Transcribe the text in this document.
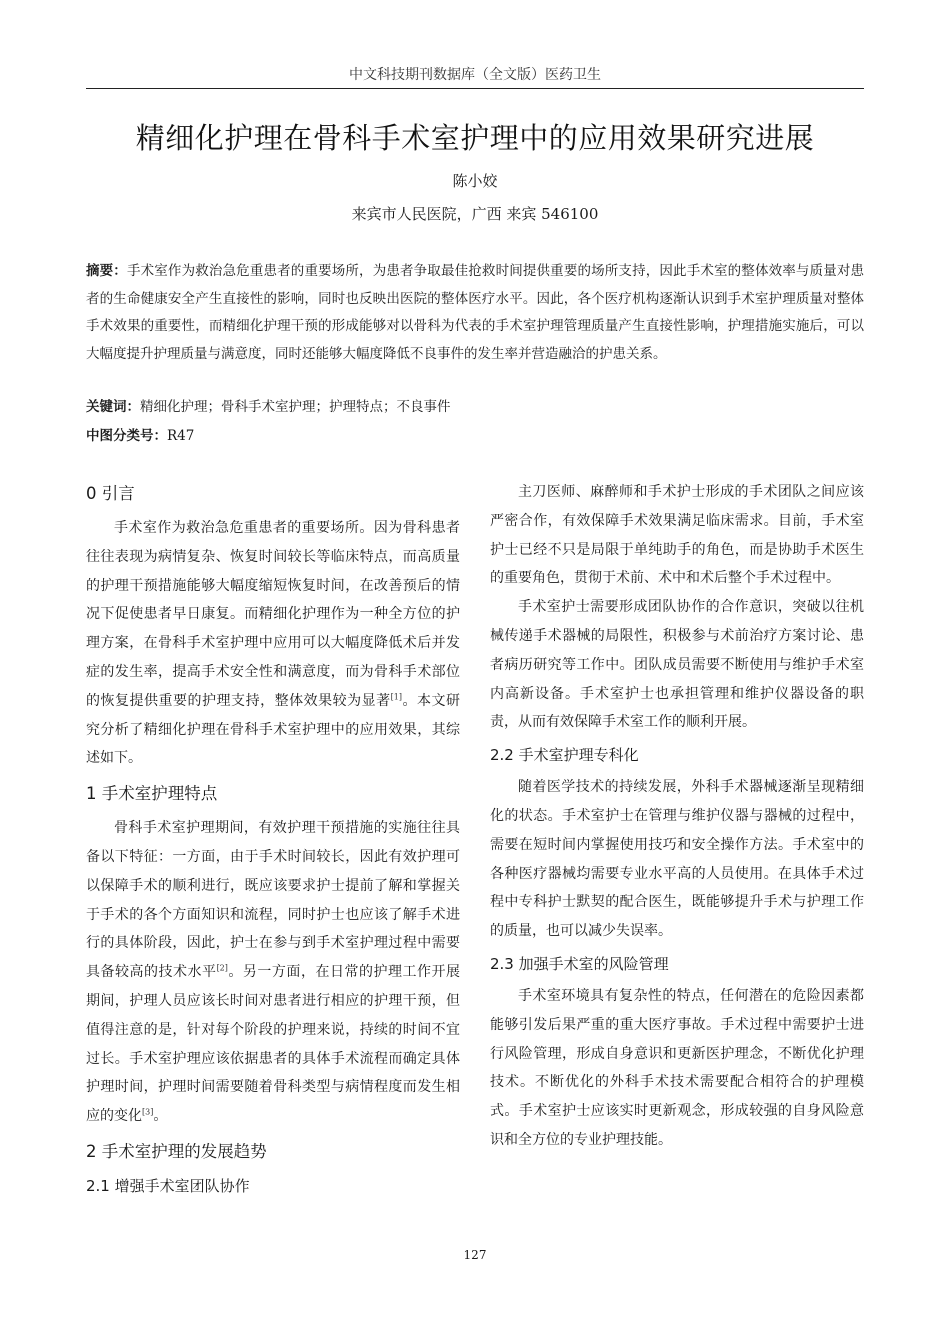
中文科技期刊数据库（全文版）医药卫生
精细化护理在骨科手术室护理中的应用效果研究进展
陈小姣
来宾市人民医院，广西 来宾 546100
摘要：手术室作为救治急危重患者的重要场所，为患者争取最佳抢救时间提供重要的场所支持，因此手术室的整体效率与质量对患者的生命健康安全产生直接性的影响，同时也反映出医院的整体医疗水平。因此，各个医疗机构逐渐认识到手术室护理质量对整体手术效果的重要性，而精细化护理干预的形成能够对以骨科为代表的手术室护理管理质量产生直接性影响，护理措施实施后，可以大幅度提升护理质量与满意度，同时还能够大幅度降低不良事件的发生率并营造融洽的护患关系。
关键词：精细化护理；骨科手术室护理；护理特点；不良事件
中图分类号：R47
0 引言

手术室作为救治急危重患者的重要场所。因为骨科患者往往表现为病情复杂、恢复时间较长等临床特点，而高质量的护理干预措施能够大幅度缩短恢复时间，在改善预后的情况下促使患者早日康复。而精细化护理作为一种全方位的护理方案，在骨科手术室护理中应用可以大幅度降低术后并发症的发生率，提高手术安全性和满意度，而为骨科手术部位的恢复提供重要的护理支持，整体效果较为显著[1]。本文研究分析了精细化护理在骨科手术室护理中的应用效果，其综述如下。

1 手术室护理特点

骨科手术室护理期间，有效护理干预措施的实施往往具备以下特征：一方面，由于手术时间较长，因此有效护理可以保障手术的顺利进行，既应该要求护士提前了解和掌握关于手术的各个方面知识和流程，同时护士也应该了解手术进行的具体阶段，因此，护士在参与到手术室护理过程中需要具备较高的技术水平[2]。另一方面，在日常的护理工作开展期间，护理人员应该长时间对患者进行相应的护理干预，但值得注意的是，针对每个阶段的护理来说，持续的时间不宜过长。手术室护理应该依据患者的具体手术流程而确定具体护理时间，护理时间需要随着骨科类型与病情程度而发生相应的变化[3]。

2 手术室护理的发展趋势
2.1 增强手术室团队协作

主刀医师、麻醉师和手术护士形成的手术团队之间应该严密合作，有效保障手术效果满足临床需求。目前，手术室护士已经不只是局限于单纯助手的角色，而是协助手术医生的重要角色，贯彻于术前、术中和术后整个手术过程中。

手术室护士需要形成团队协作的合作意识，突破以往机械传递手术器械的局限性，积极参与术前治疗方案讨论、患者病历研究等工作中。团队成员需要不断使用与维护手术室内高新设备。手术室护士也承担管理和维护仪器设备的职责，从而有效保障手术室工作的顺利开展。

2.2 手术室护理专科化

随着医学技术的持续发展，外科手术器械逐渐呈现精细化的状态。手术室护士在管理与维护仪器与器械的过程中，需要在短时间内掌握使用技巧和安全操作方法。手术室中的各种医疗器械均需要专业水平高的人员使用。在具体手术过程中专科护士默契的配合医生，既能够提升手术与护理工作的质量，也可以减少失误率。

2.3 加强手术室的风险管理

手术室环境具有复杂性的特点，任何潜在的危险因素都能够引发后果严重的重大医疗事故。手术过程中需要护士进行风险管理，形成自身意识和更新医护理念，不断优化护理技术。不断优化的外科手术技术需要配合相符合的护理模式。手术室护士应该实时更新观念，形成较强的自身风险意识和全方位的专业护理技能。

127
